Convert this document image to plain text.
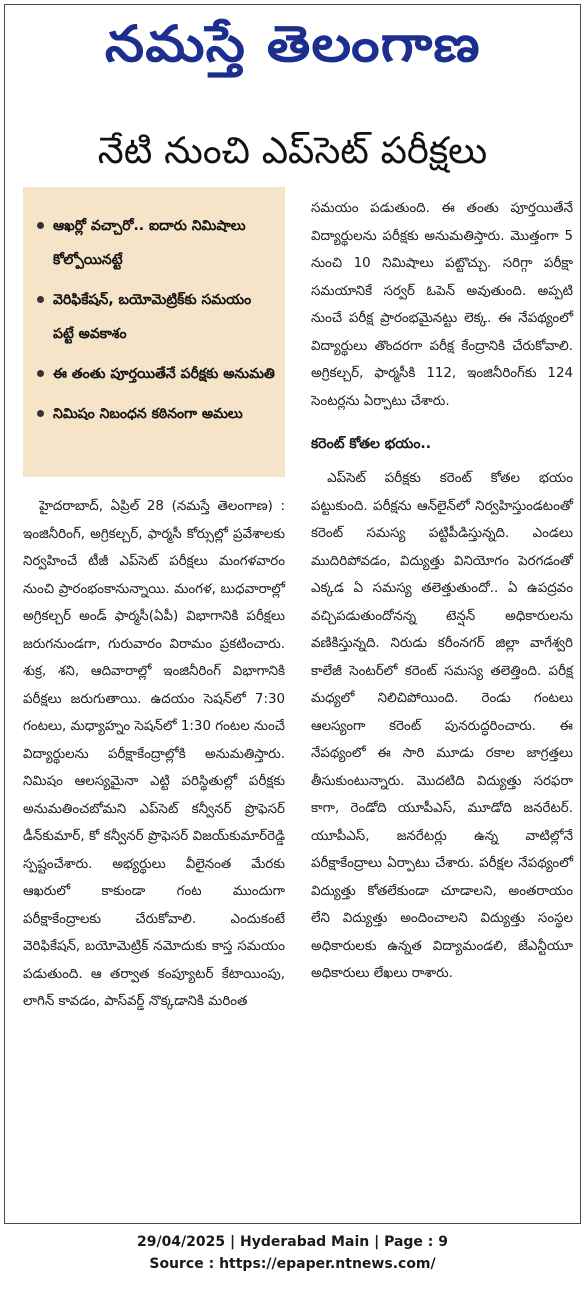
నమస్తే తెలంగాణ
నేటి నుంచి ఎప్‌సెట్‌ పరీక్షలు
ఆఖర్లో వచ్చారో.. ఐదారు నిమిషాలు కోల్పోయినట్టే
వెరిఫికేషన్, బయోమెట్రిక్‌కు సమయం పట్టే అవకాశం
ఈ తంతు పూర్తయితేనే పరీక్షకు అనుమతి
నిమిషం నిబంధన కఠినంగా అమలు

హైదరాబాద్, ఏప్రిల్ 28 (నమస్తే తెలంగాణ) : ఇంజినీరింగ్, అగ్రికల్చర్, ఫార్మసీ కోర్సుల్లో ప్రవేశాలకు నిర్వహించే టీజీ ఎప్‌సెట్ పరీక్షలు మంగళవారం నుంచి ప్రారంభంకానున్నాయి. మంగళ, బుధవారాల్లో అగ్రికల్చర్ అండ్ ఫార్మసీ(ఏపీ) విభాగానికి పరీక్షలు జరుగనుండగా, గురువారం విరామం ప్రకటించారు. శుక్ర, శని, ఆదివారాల్లో ఇంజినీరింగ్ విభాగానికి పరీక్షలు జరుగుతాయి. ఉదయం సెషన్‌లో 7:30 గంటలు, మధ్యాహ్నం సెషన్‌లో 1:30 గంటల నుంచే విద్యార్థులను పరీక్షాకేంద్రాల్లోకి అనుమతిస్తారు. నిమిషం ఆలస్యమైనా ఎట్టి పరిస్థితుల్లో పరీక్షకు అనుమతించబోమని ఎప్‌సెట్ కన్వీనర్ ప్రొఫెసర్ డీన్‌కుమార్, కో కన్వీనర్ ప్రొఫెసర్ విజయ్‌కుమార్‌రెడ్డి స్పష్టంచేశారు. అభ్యర్థులు వీలైనంత మేరకు ఆఖరులో కాకుండా గంట ముందుగా పరీక్షాకేంద్రాలకు చేరుకోవాలి. ఎందుకంటే వెరిఫికేషన్, బయోమెట్రిక్ నమోదుకు కాస్త సమయం పడుతుంది. ఆ తర్వాత కంప్యూటర్ కేటాయింపు, లాగిన్ కావడం, పాస్‌వర్డ్ నొక్కడానికి మరింత

సమయం పడుతుంది. ఈ తంతు పూర్తయితేనే విద్యార్థులను పరీక్షకు అనుమతిస్తారు. మొత్తంగా 5 నుంచి 10 నిమిషాలు పట్టొచ్చు. సరిగ్గా పరీక్షా సమయానికే సర్వర్ ఓపెన్ అవుతుంది. అప్పటి నుంచే పరీక్ష ప్రారంభమైనట్టు లెక్క. ఈ నేపథ్యంలో విద్యార్థులు తొందరగా పరీక్ష కేంద్రానికి చేరుకోవాలి. అగ్రికల్చర్, ఫార్మసీకి 112, ఇంజినీరింగ్‌కు 124 సెంటర్లను ఏర్పాటు చేశారు.

కరెంట్ కోతల భయం..

ఎప్‌సెట్ పరీక్షకు కరెంట్ కోతల భయం పట్టుకుంది. పరీక్షను ఆన్‌లైన్‌లో నిర్వహిస్తుండటంతో కరెంట్ సమస్య పట్టిపీడిస్తున్నది. ఎండలు ముదిరిపోవడం, విద్యుత్తు వినియోగం పెరగడంతో ఎక్కడ ఏ సమస్య తలెత్తుతుందో.. ఏ ఉపద్రవం వచ్చిపడుతుందోనన్న టెన్షన్ అధికారులను వణికిస్తున్నది. నిరుడు కరీంనగర్ జిల్లా వాగేశ్వరి కాలేజీ సెంటర్‌లో కరెంట్ సమస్య తలెత్తింది. పరీక్ష మధ్యలో నిలిచిపోయింది. రెండు గంటలు ఆలస్యంగా కరెంట్ పునరుద్ధరించారు. ఈ నేపథ్యంలో ఈ సారి మూడు రకాల జాగ్రత్తలు తీసుకుంటున్నారు. మొదటిది విద్యుత్తు సరఫరా కాగా, రెండోది యూపీఎస్, మూడోది జనరేటర్. యూపీఎస్, జనరేటర్లు ఉన్న వాటిల్లోనే పరీక్షాకేంద్రాలు ఏర్పాటు చేశారు. పరీక్షల నేపథ్యంలో విద్యుత్తు కోతలేకుండా చూడాలని, అంతరాయం లేని విద్యుత్తు అందించాలని విద్యుత్తు సంస్థల అధికారులకు ఉన్నత విద్యామండలి, జేఎన్టీయూ అధికారులు లేఖలు రాశారు.

29/04/2025 | Hyderabad Main | Page : 9
Source : https://epaper.ntnews.com/
